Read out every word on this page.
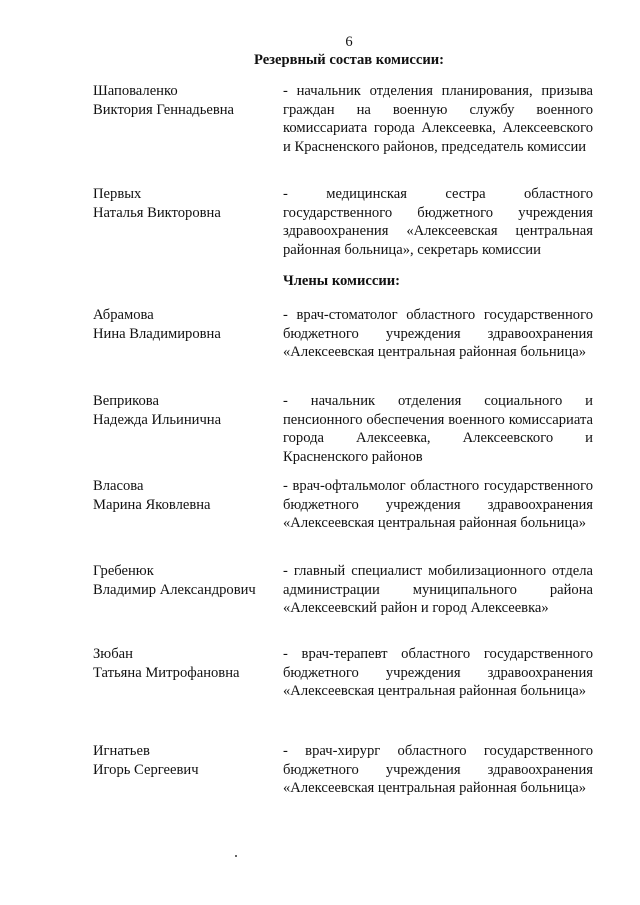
6
Резервный состав комиссии:
Шаповаленко
Виктория Геннадьевна
- начальник отделения планирования, призыва граждан на военную службу военного комиссариата города Алексеевка, Алексеевского и Красненского районов, председатель комиссии
Первых
Наталья Викторовна
- медицинская сестра областного государственного бюджетного учреждения здравоохранения «Алексеевская центральная районная больница», секретарь комиссии
Члены комиссии:
Абрамова
Нина Владимировна
- врач-стоматолог областного государственного бюджетного учреждения здравоохранения «Алексеевская центральная районная больница»
Веприкова
Надежда Ильинична
- начальник отделения социального и пенсионного обеспечения военного комиссариата города Алексеевка, Алексеевского и Красненского районов
Власова
Марина Яковлевна
- врач-офтальмолог областного государственного бюджетного учреждения здравоохранения «Алексеевская центральная районная больница»
Гребенюк
Владимир Александрович
- главный специалист мобилизационного отдела администрации муниципального района «Алексеевский район и город Алексеевка»
Зюбан
Татьяна Митрофановна
- врач-терапевт областного государственного бюджетного учреждения здравоохранения «Алексеевская центральная районная больница»
Игнатьев
Игорь Сергеевич
- врач-хирург областного государственного бюджетного учреждения здравоохранения «Алексеевская центральная районная больница»
